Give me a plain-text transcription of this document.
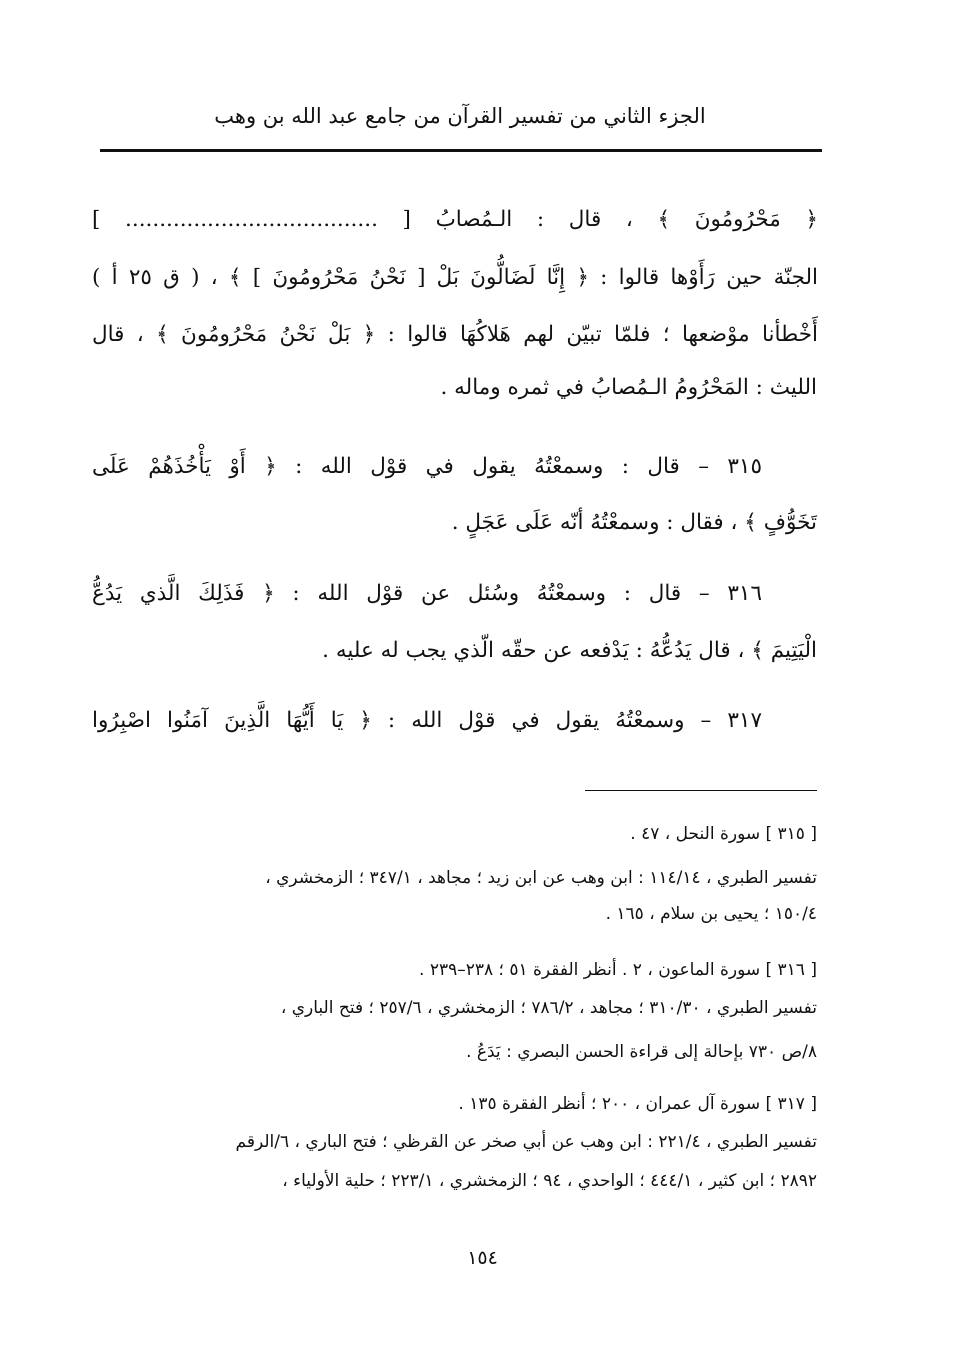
الجزء الثاني من تفسير القرآن من جامع عبد الله بن وهب
﴿ مَحْرُومُونَ ﴾ ، قال : الـمُصابُ [ ..................................... ]
الجنّة حين رَأَوْها قالوا : ﴿ إِنَّا لَضَالُّونَ بَلْ [ نَحْنُ مَحْرُومُونَ ] ﴾ ، ( ق ٢٥ أ )
أَخْطأنا موْضعها ؛ فلمّا تبيّن لهم هَلاكُهَا قالوا : ﴿ بَلْ نَحْنُ مَحْرُومُونَ ﴾ ، قال
الليث : المَحْرُومُ الـمُصابُ في ثمره وماله .
٣١٥ – قال : وسمعْتُهُ يقول في قوْل الله : ﴿ أَوْ يَأْخُذَهُمْ عَلَى
تَخَوُّفٍ ﴾ ، فقال : وسمعْتُهُ أنّه عَلَى عَجَلٍ .
٣١٦ – قال : وسمعْتُهُ وسُئل عن قوْل الله : ﴿ فَذَلِكَ الَّذي يَدُعُّ
الْيَتِيمَ ﴾ ، قال يَدُعُّهُ : يَدْفعه عن حقّه الّذي يجب له عليه .
٣١٧ – وسمعْتُهُ يقول في قوْل الله : ﴿ يَا أَيُّهَا الَّذِينَ آمَنُوا اصْبِرُوا
[ ٣١٥ ] سورة النحل ، ٤٧ .
تفسير الطبري ، ١١٤/١٤ : ابن وهب عن ابن زيد ؛ مجاهد ، ٣٤٧/١ ؛ الزمخشري ،
١٥٠/٤ ؛ يحيى بن سلام ، ١٦٥ .
[ ٣١٦ ] سورة الماعون ، ٢ . أنظر الفقرة ٥١ ؛ ٢٣٨–٢٣٩ .
تفسير الطبري ، ٣١٠/٣٠ ؛ مجاهد ، ٧٨٦/٢ ؛ الزمخشري ، ٢٥٧/٦ ؛ فتح الباري ،
٨/ص ٧٣٠ بإحالة إلى قراءة الحسن البصري : يَدَعُ .
[ ٣١٧ ] سورة آل عمران ، ٢٠٠ ؛ أنظر الفقرة ١٣٥ .
تفسير الطبري ، ٢٢١/٤ : ابن وهب عن أبي صخر عن القرظي ؛ فتح الباري ، ٦/الرقم
٢٨٩٢ ؛ ابن كثير ، ٤٤٤/١ ؛ الواحدي ، ٩٤ ؛ الزمخشري ، ٢٢٣/١ ؛ حلية الأولياء ،
١٥٤
